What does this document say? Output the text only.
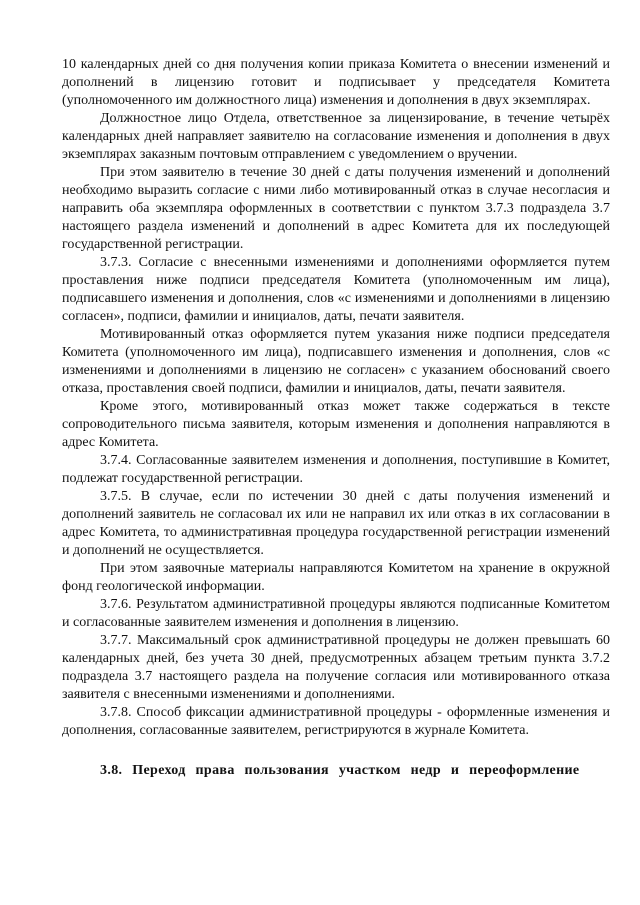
10 календарных дней со дня получения копии приказа Комитета о внесении изменений и дополнений в лицензию готовит и подписывает у председателя Комитета (уполномоченного им должностного лица) изменения и дополнения в двух экземплярах.

Должностное лицо Отдела, ответственное за лицензирование, в течение четырёх календарных дней направляет заявителю на согласование изменения и дополнения в двух экземплярах заказным почтовым отправлением с уведомлением о вручении.

При этом заявителю в течение 30 дней с даты получения изменений и дополнений необходимо выразить согласие с ними либо мотивированный отказ в случае несогласия и направить оба экземпляра оформленных в соответствии с пунктом 3.7.3 подраздела 3.7 настоящего раздела изменений и дополнений в адрес Комитета для их последующей государственной регистрации.

3.7.3. Согласие с внесенными изменениями и дополнениями оформляется путем проставления ниже подписи председателя Комитета (уполномоченным им лица), подписавшего изменения и дополнения, слов «с изменениями и дополнениями в лицензию согласен», подписи, фамилии и инициалов, даты, печати заявителя.

Мотивированный отказ оформляется путем указания ниже подписи председателя Комитета (уполномоченного им лица), подписавшего изменения и дополнения, слов «с изменениями и дополнениями в лицензию не согласен» с указанием обоснований своего отказа, проставления своей подписи, фамилии и инициалов, даты, печати заявителя.

Кроме этого, мотивированный отказ может также содержаться в тексте сопроводительного письма заявителя, которым изменения и дополнения направляются в адрес Комитета.

3.7.4. Согласованные заявителем изменения и дополнения, поступившие в Комитет, подлежат государственной регистрации.

3.7.5. В случае, если по истечении 30 дней с даты получения изменений и дополнений заявитель не согласовал их или не направил их или отказ в их согласовании в адрес Комитета, то административная процедура государственной регистрации изменений и дополнений не осуществляется.

При этом заявочные материалы направляются Комитетом на хранение в окружной фонд геологической информации.

3.7.6. Результатом административной процедуры являются подписанные Комитетом и согласованные заявителем изменения и дополнения в лицензию.

3.7.7. Максимальный срок административной процедуры не должен превышать 60 календарных дней, без учета 30 дней, предусмотренных абзацем третьим пункта 3.7.2 подраздела 3.7 настоящего раздела на получение согласия или мотивированного отказа заявителя с внесенными изменениями и дополнениями.

3.7.8. Способ фиксации административной процедуры - оформленные изменения и дополнения, согласованные заявителем, регистрируются в журнале Комитета.

3.8. Переход права пользования участком недр и переоформление
